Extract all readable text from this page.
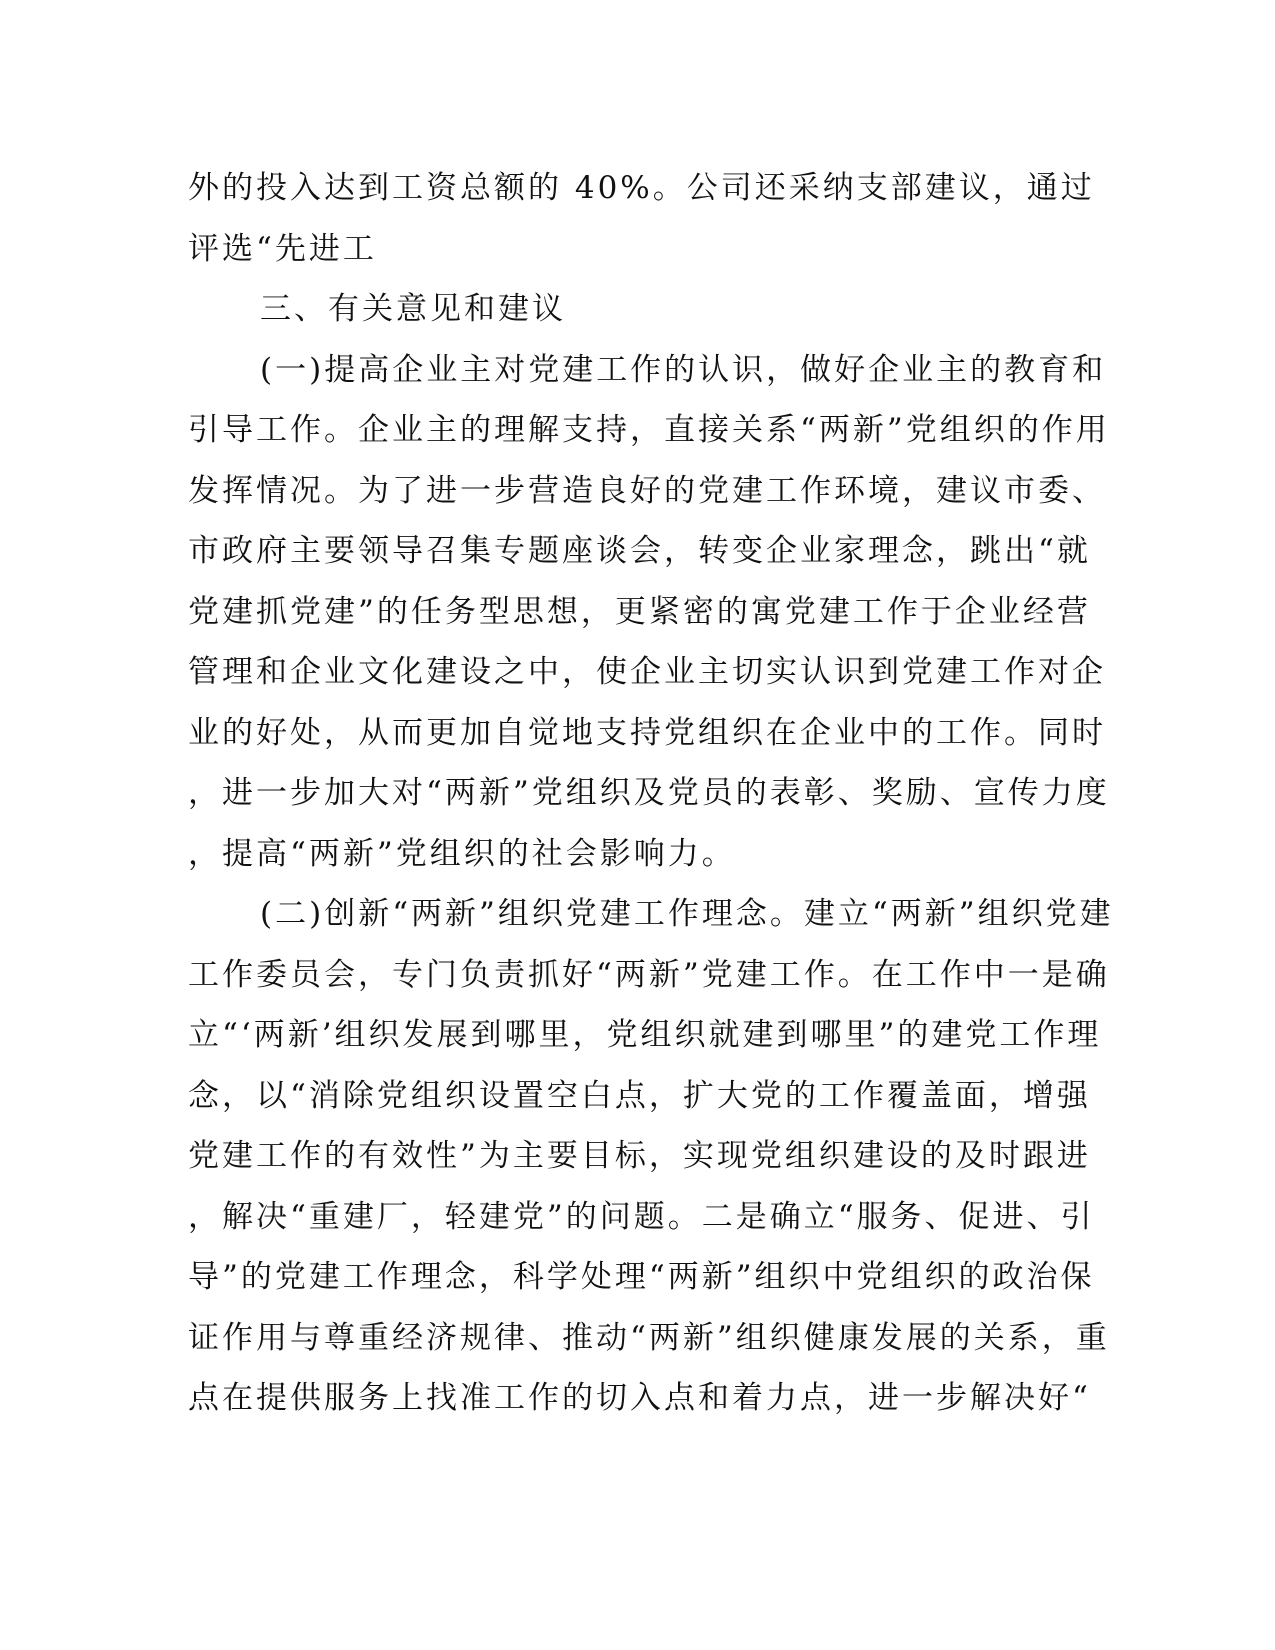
外的投入达到工资总额的 40%。公司还采纳支部建议，通过
评选“先进工
三、有关意见和建议
(一)提高企业主对党建工作的认识，做好企业主的教育和
引导工作。企业主的理解支持，直接关系“两新”党组织的作用
发挥情况。为了进一步营造良好的党建工作环境，建议市委、
市政府主要领导召集专题座谈会，转变企业家理念，跳出“就
党建抓党建”的任务型思想，更紧密的寓党建工作于企业经营
管理和企业文化建设之中，使企业主切实认识到党建工作对企
业的好处，从而更加自觉地支持党组织在企业中的工作。同时
，进一步加大对“两新”党组织及党员的表彰、奖励、宣传力度
，提高“两新”党组织的社会影响力。
(二)创新“两新”组织党建工作理念。建立“两新”组织党建
工作委员会，专门负责抓好“两新”党建工作。在工作中一是确
立“‘两新’组织发展到哪里，党组织就建到哪里”的建党工作理
念，以“消除党组织设置空白点，扩大党的工作覆盖面，增强
党建工作的有效性”为主要目标，实现党组织建设的及时跟进
，解决“重建厂，轻建党”的问题。二是确立“服务、促进、引
导”的党建工作理念，科学处理“两新”组织中党组织的政治保
证作用与尊重经济规律、推动“两新”组织健康发展的关系，重
点在提供服务上找准工作的切入点和着力点，进一步解决好“
